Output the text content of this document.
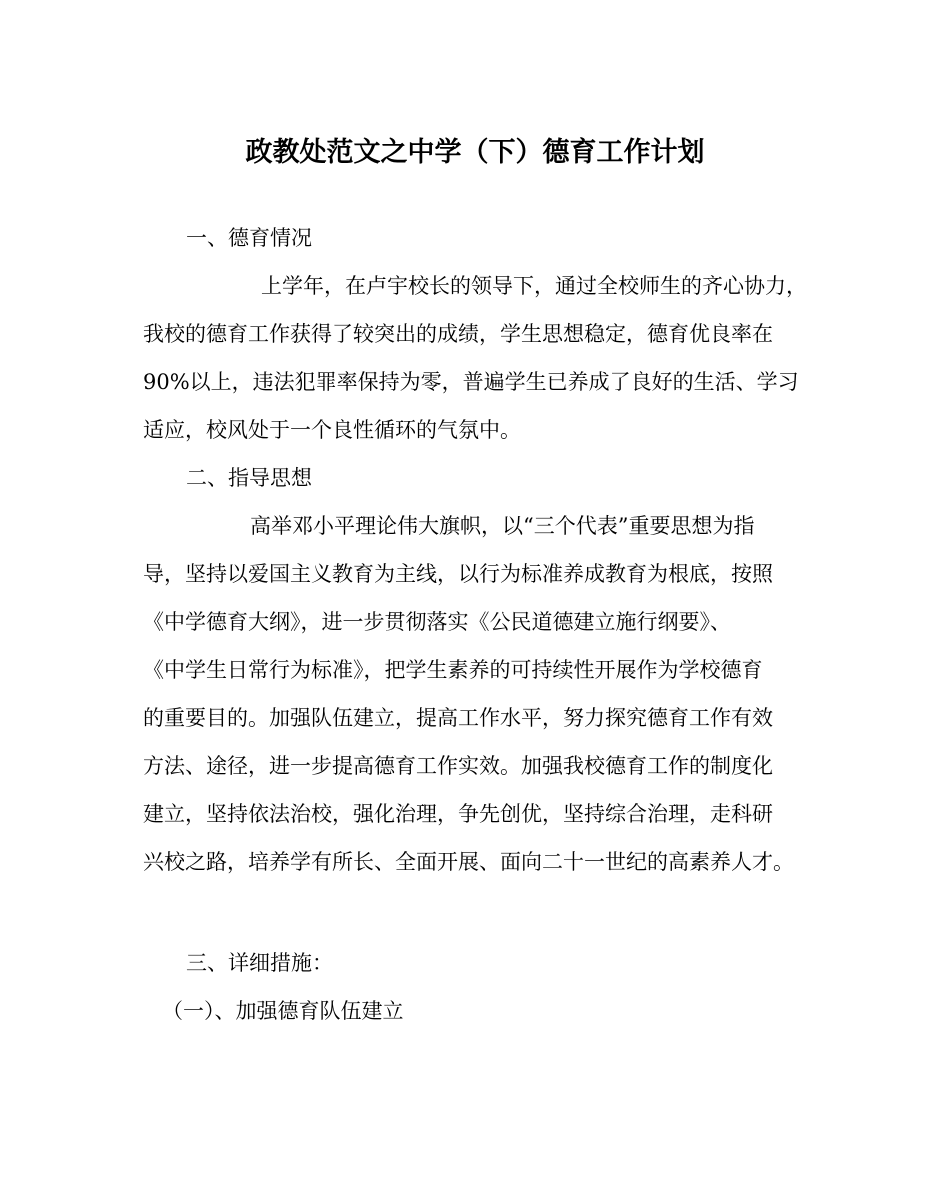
政教处范文之中学（下）德育工作计划
一、德育情况
上学年，在卢宇校长的领导下，通过全校师生的齐心协力，
我校的德育工作获得了较突出的成绩，学生思想稳定，德育优良率在
90%以上，违法犯罪率保持为零，普遍学生已养成了良好的生活、学习
适应，校风处于一个良性循环的气氛中。
二、指导思想
高举邓小平理论伟大旗帜，以“三个代表”重要思想为指
导，坚持以爱国主义教育为主线，以行为标准养成教育为根底，按照
《中学德育大纲》，进一步贯彻落实《公民道德建立施行纲要》、
《中学生日常行为标准》，把学生素养的可持续性开展作为学校德育
的重要目的。加强队伍建立，提高工作水平，努力探究德育工作有效
方法、途径，进一步提高德育工作实效。加强我校德育工作的制度化
建立，坚持依法治校，强化治理，争先创优，坚持综合治理，走科研
兴校之路，培养学有所长、全面开展、面向二十一世纪的高素养人才。
三、详细措施：
（一）、加强德育队伍建立
